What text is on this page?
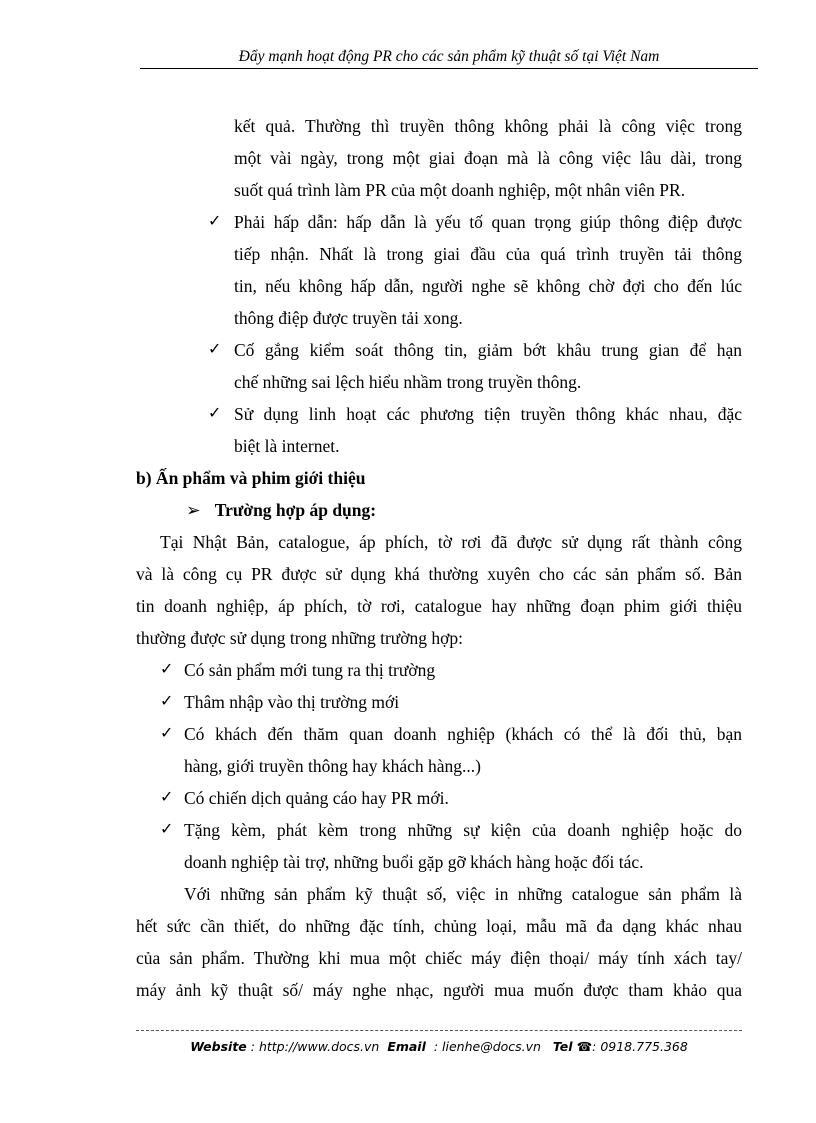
Đẩy mạnh hoạt động PR cho các sản phẩm kỹ thuật số tại Việt Nam
kết quả. Thường thì truyền thông không phải là công việc trong
một vài ngày, trong một giai đoạn mà là công việc lâu dài, trong
suốt quá trình làm PR của một doanh nghiệp, một nhân viên PR.
✓ Phải hấp dẫn: hấp dẫn là yếu tố quan trọng giúp thông điệp được
tiếp nhận. Nhất là trong giai đầu của quá trình truyền tải thông
tin, nếu không hấp dẫn, người nghe sẽ không chờ đợi cho đến lúc
thông điệp được truyền tải xong.
✓ Cố gắng kiểm soát thông tin, giảm bớt khâu trung gian để hạn
chế những sai lệch hiểu nhầm trong truyền thông.
✓ Sử dụng linh hoạt các phương tiện truyền thông khác nhau, đặc
biệt là internet.
b) Ấn phẩm và phim giới thiệu
➢ Trường hợp áp dụng:
Tại Nhật Bản, catalogue, áp phích, tờ rơi đã được sử dụng rất thành công
và là công cụ PR được sử dụng khá thường xuyên cho các sản phẩm số. Bản
tin doanh nghiệp, áp phích, tờ rơi, catalogue hay những đoạn phim giới thiệu
thường được sử dụng trong những trường hợp:
✓ Có sản phẩm mới tung ra thị trường
✓ Thâm nhập vào thị trường mới
✓ Có khách đến thăm quan doanh nghiệp (khách có thể là đối thủ, bạn
hàng, giới truyền thông hay khách hàng...)
✓ Có chiến dịch quảng cáo hay PR mới.
✓ Tặng kèm, phát kèm trong những sự kiện của doanh nghiệp hoặc do
doanh nghiệp tài trợ, những buổi gặp gỡ khách hàng hoặc đối tác.
Với những sản phẩm kỹ thuật số, việc in những catalogue sản phẩm là
hết sức cần thiết, do những đặc tính, chủng loại, mẫu mã đa dạng khác nhau
của sản phẩm. Thường khi mua một chiếc máy điện thoại/ máy tính xách tay/
máy ảnh kỹ thuật số/ máy nghe nhạc, người mua muốn được tham khảo qua
Website : http://www.docs.vn Email : lienhe@docs.vn Tel ☎: 0918.775.368
